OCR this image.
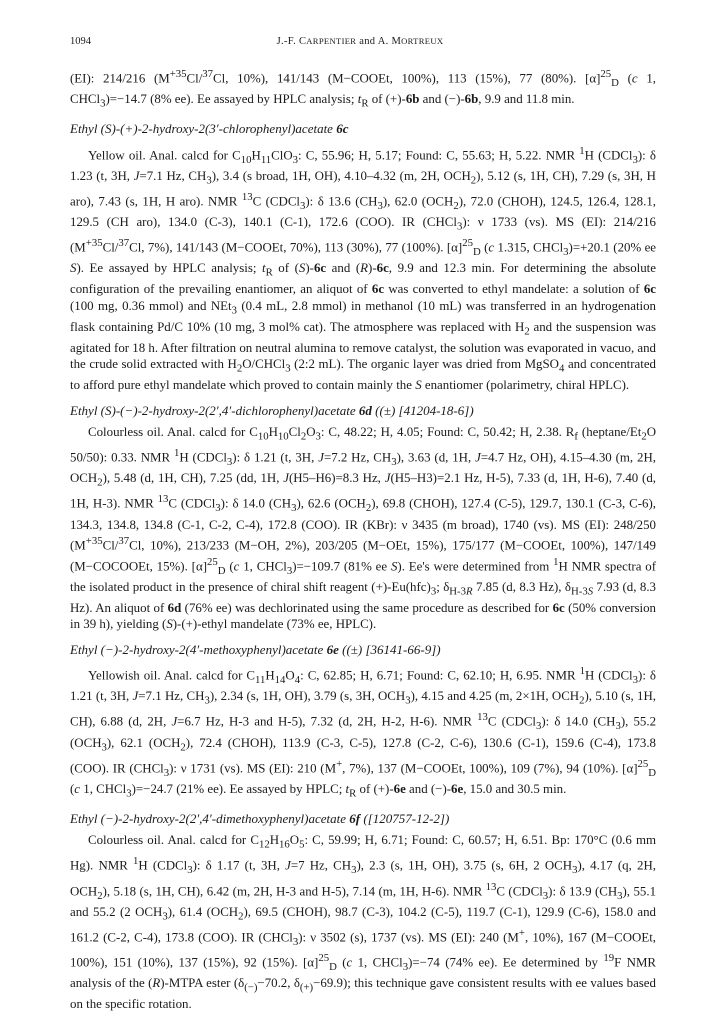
1094	J.-F. CARPENTIER and A. MORTREUX

(EI): 214/216 ($M^{+35}Cl/^{37}Cl$, 10%), 141/143 (M−COOEt, 100%), 113 (15%), 77 (80%). $[\alpha]^{25}_D$ (c 1, CHCl$_3$)=−14.7 (8% ee). Ee assayed by HPLC analysis; $t_R$ of (+)-6b and (−)-6b, 9.9 and 11.8 min.

Ethyl (S)-(+)-2-hydroxy-2(3′-chlorophenyl)acetate 6c

Yellow oil. Anal. calcd for $C_{10}H_{11}ClO_3$: C, 55.96; H, 5.17; Found: C, 55.63; H, 5.22. NMR $^1$H (CDCl$_3$): δ 1.23 (t, 3H, J=7.1 Hz, $CH_3$), 3.4 (s broad, 1H, OH), 4.10–4.32 (m, 2H, $OCH_2$), 5.12 (s, 1H, CH), 7.29 (s, 3H, H aro), 7.43 (s, 1H, H aro). NMR $^{13}$C (CDCl$_3$): δ 13.6 $(CH_3)$, 62.0 $(OCH_2)$, 72.0 (CHOH), 124.5, 126.4, 128.1, 129.5 (CH aro), 134.0 (C-3), 140.1 (C-1), 172.6 (COO). IR (CHCl$_3$): ν 1733 (vs). MS (EI): 214/216 ($M^{+35}Cl/^{37}Cl$, 7%), 141/143 (M−COOEt, 70%), 113 (30%), 77 (100%). $[\alpha]^{25}_D$ (c 1.315, CHCl$_3$)=+20.1 (20% ee S). Ee assayed by HPLC analysis; $t_R$ of (S)-6c and (R)-6c, 9.9 and 12.3 min. For determining the absolute configuration of the prevailing enantiomer, an aliquot of 6c was converted to ethyl mandelate: a solution of 6c (100 mg, 0.36 mmol) and NEt$_3$ (0.4 mL, 2.8 mmol) in methanol (10 mL) was transferred in an hydrogenation flask containing Pd/C 10% (10 mg, 3 mol% cat). The atmosphere was replaced with $H_2$ and the suspension was agitated for 18 h. After filtration on neutral alumina to remove catalyst, the solution was evaporated in vacuo, and the crude solid extracted with $H_2O/CHCl_3$ (2:2 mL). The organic layer was dried from MgSO$_4$ and concentrated to afford pure ethyl mandelate which proved to contain mainly the S enantiomer (polarimetry, chiral HPLC).

Ethyl (S)-(−)-2-hydroxy-2(2′,4′-dichlorophenyl)acetate 6d ((±) [41204-18-6])

Colourless oil. Anal. calcd for $C_{10}H_{10}Cl_2O_3$: C, 48.22; H, 4.05; Found: C, 50.42; H, 2.38. $R_f$ ($heptane/Et_2O$ 50/50): 0.33. NMR $^1$H (CDCl$_3$): δ 1.21 (t, 3H, J=7.2 Hz, $CH_3$), 3.63 (d, 1H, J=4.7 Hz, OH), 4.15–4.30 (m, 2H, $OCH_2$), 5.48 (d, 1H, CH), 7.25 (dd, 1H, J(H5–H6)=8.3 Hz, J(H5–H3)=2.1 Hz, H-5), 7.33 (d, 1H, H-6), 7.40 (d, 1H, H-3). NMR $^{13}$C (CDCl$_3$): δ 14.0 $(CH_3)$, 62.6 $(OCH_2)$, 69.8 (CHOH), 127.4 (C-5), 129.7, 130.1 (C-3, C-6), 134.3, 134.8, 134.8 (C-1, C-2, C-4), 172.8 (COO). IR (KBr): ν 3435 (m broad), 1740 (vs). MS (EI): 248/250 ($M^{+35}Cl/^{37}Cl$, 10%), 213/233 (M−OH, 2%), 203/205 (M−OEt, 15%), 175/177 (M−COOEt, 100%), 147/149 (M−COCOOEt, 15%). $[\alpha]^{25}_D$ (c 1, CHCl$_3$)=−109.7 (81% ee S). Ee's were determined from $^1$H NMR spectra of the isolated product in the presence of chiral shift reagent $(+)-Eu(hfc)_3$; $\delta_{H-3R}$ 7.85 (d, 8.3 Hz), $\delta_{H-3S}$ 7.93 (d, 8.3 Hz). An aliquot of 6d (76% ee) was dechlorinated using the same procedure as described for 6c (50% conversion in 39 h), yielding (S)-(+)-ethyl mandelate (73% ee, HPLC).

Ethyl (−)-2-hydroxy-2(4′-methoxyphenyl)acetate 6e ((±) [36141-66-9])

Yellowish oil. Anal. calcd for $C_{11}H_{14}O_4$: C, 62.85; H, 6.71; Found: C, 62.10; H, 6.95. NMR $^1$H (CDCl$_3$): δ 1.21 (t, 3H, J=7.1 Hz, $CH_3$), 2.34 (s, 1H, OH), 3.79 (s, 3H, $OCH_3$), 4.15 and 4.25 (m, 2×1H, $OCH_2$), 5.10 (s, 1H, CH), 6.88 (d, 2H, J=6.7 Hz, H-3 and H-5), 7.32 (d, 2H, H-2, H-6). NMR $^{13}$C (CDCl$_3$): δ 14.0 $(CH_3)$, 55.2 $(OCH_3)$, 62.1 $(OCH_2)$, 72.4 (CHOH), 113.9 (C-3, C-5), 127.8 (C-2, C-6), 130.6 (C-1), 159.6 (C-4), 173.8 (COO). IR (CHCl$_3$): ν 1731 (vs). MS (EI): 210 (M+, 7%), 137 (M−COOEt, 100%), 109 (7%), 94 (10%). $[\alpha]^{25}_D$ (c 1, CHCl$_3$)=−24.7 (21% ee). Ee assayed by HPLC; $t_R$ of (+)-6e and (−)-6e, 15.0 and 30.5 min.

Ethyl (−)-2-hydroxy-2(2′,4′-dimethoxyphenyl)acetate 6f ([120757-12-2])

Colourless oil. Anal. calcd for $C_{12}H_{16}O_5$: C, 59.99; H, 6.71; Found: C, 60.57; H, 6.51. Bp: 170°C (0.6 mm Hg). NMR $^1$H (CDCl$_3$): δ 1.17 (t, 3H, J=7 Hz, $CH_3$), 2.3 (s, 1H, OH), 3.75 (s, 6H, 2 $OCH_3$), 4.17 (q, 2H, $OCH_2$), 5.18 (s, 1H, CH), 6.42 (m, 2H, H-3 and H-5), 7.14 (m, 1H, H-6). NMR $^{13}$C (CDCl$_3$): δ 13.9 $(CH_3)$, 55.1 and 55.2 (2 $OCH_3$), 61.4 $(OCH_2)$, 69.5 (CHOH), 98.7 (C-3), 104.2 (C-5), 119.7 (C-1), 129.9 (C-6), 158.0 and 161.2 (C-2, C-4), 173.8 (COO). IR (CHCl$_3$): ν 3502 (s), 1737 (vs). MS (EI): 240 (M+, 10%), 167 (M−COOEt, 100%), 151 (10%), 137 (15%), 92 (15%). $[\alpha]^{25}_D$ (c 1, CHCl$_3$)=−74 (74% ee). Ee determined by $^{19}$F NMR analysis of the (R)-MTPA ester ($\delta_{(-)}-70.2$, $\delta_{(+)}-69.9$); this technique gave consistent results with ee values based on the specific rotation.
